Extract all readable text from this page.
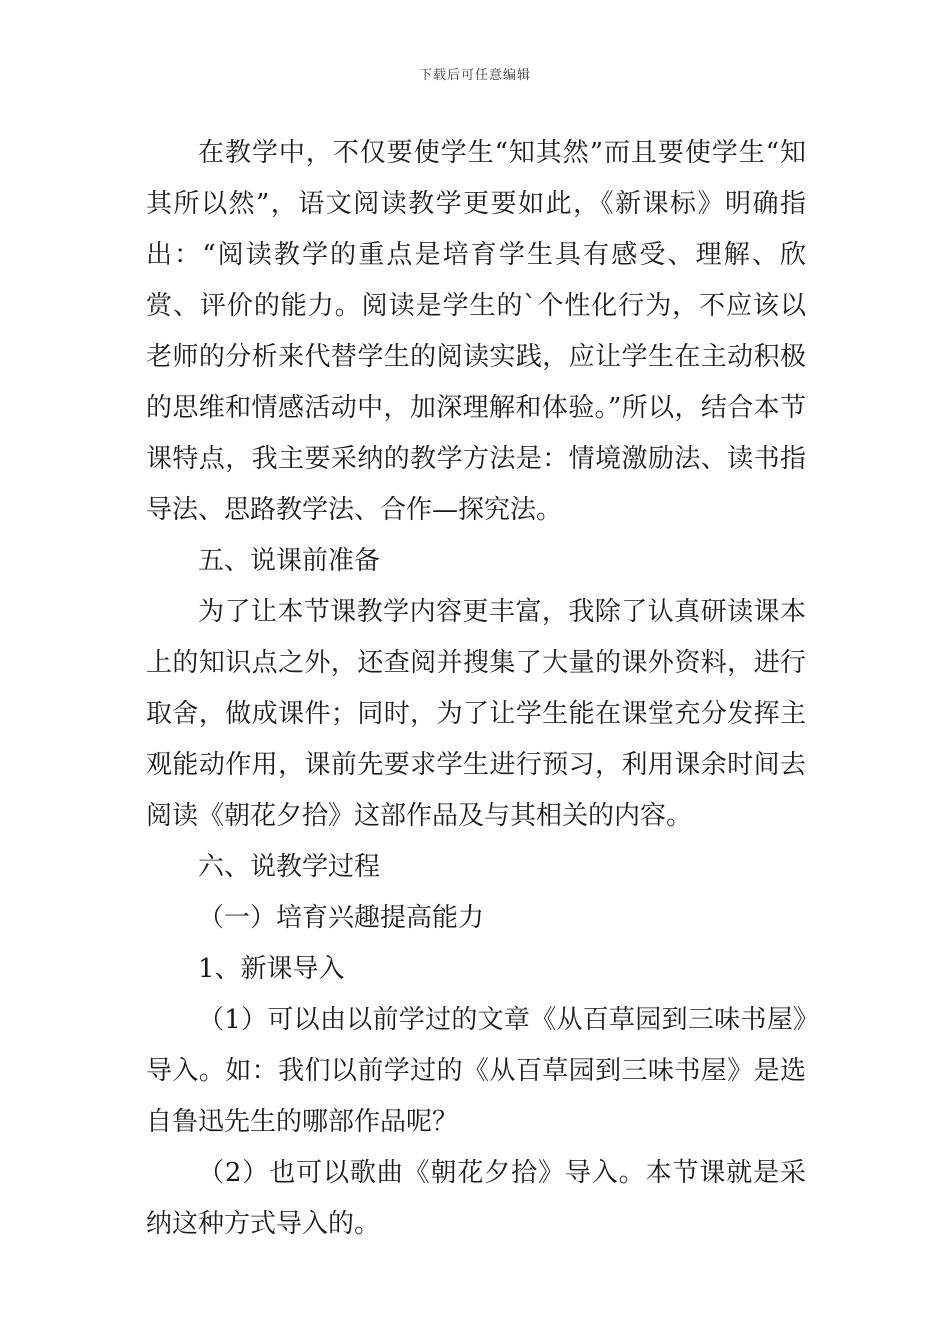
下载后可任意编辑

在教学中，不仅要使学生“知其然”而且要使学生“知其所以然”，语文阅读教学更要如此，《新课标》明确指出：“阅读教学的重点是培育学生具有感受、理解、欣赏、评价的能力。阅读是学生的`个性化行为，不应该以老师的分析来代替学生的阅读实践，应让学生在主动积极的思维和情感活动中，加深理解和体验。”所以，结合本节课特点，我主要采纳的教学方法是：情境激励法、读书指导法、思路教学法、合作—探究法。

五、说课前准备

为了让本节课教学内容更丰富，我除了认真研读课本上的知识点之外，还查阅并搜集了大量的课外资料，进行取舍，做成课件；同时，为了让学生能在课堂充分发挥主观能动作用，课前先要求学生进行预习，利用课余时间去阅读《朝花夕拾》这部作品及与其相关的内容。

六、说教学过程

（一）培育兴趣提高能力

1、新课导入

（1）可以由以前学过的文章《从百草园到三味书屋》导入。如：我们以前学过的《从百草园到三味书屋》是选自鲁迅先生的哪部作品呢？

（2）也可以歌曲《朝花夕拾》导入。本节课就是采纳这种方式导入的。
